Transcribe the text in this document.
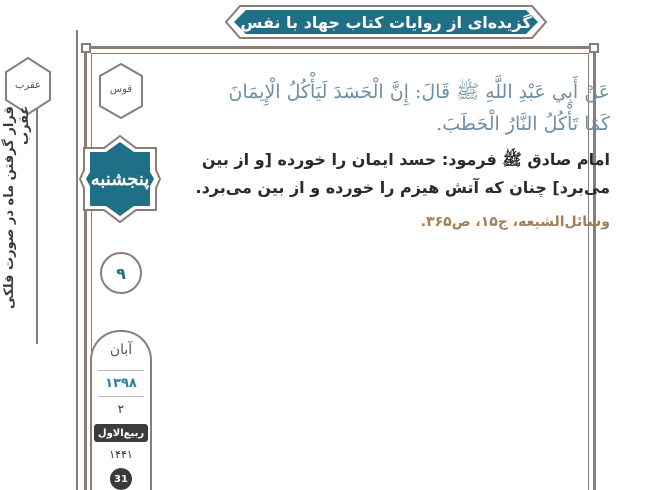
گزیده‌ای از روایات کتاب جهاد با نفس
عَنْ أَبِي عَبْدِ اللَّهِ ﷺ قَالَ: إِنَّ الْحَسَدَ لَيَأْكُلُ الْإِيمَانَ كَمَا تَأْكُلُ النَّارُ الْحَطَبَ.
امام صادق ﷺ فرمود: حسد ایمان را خورده [و از بین می‌برد] چنان که آتش هیزم را خورده و از بین می‌برد.
وسائل‌الشیعه، ج۱۵، ص۳۶۵.
عقرب	قوس
قرار گرفتن ماه در صورت فلکی عقرب
پنجشنبه
۹
آبان
۱۳۹۸
۲
ربیع‌الاول
۱۴۴۱
31
